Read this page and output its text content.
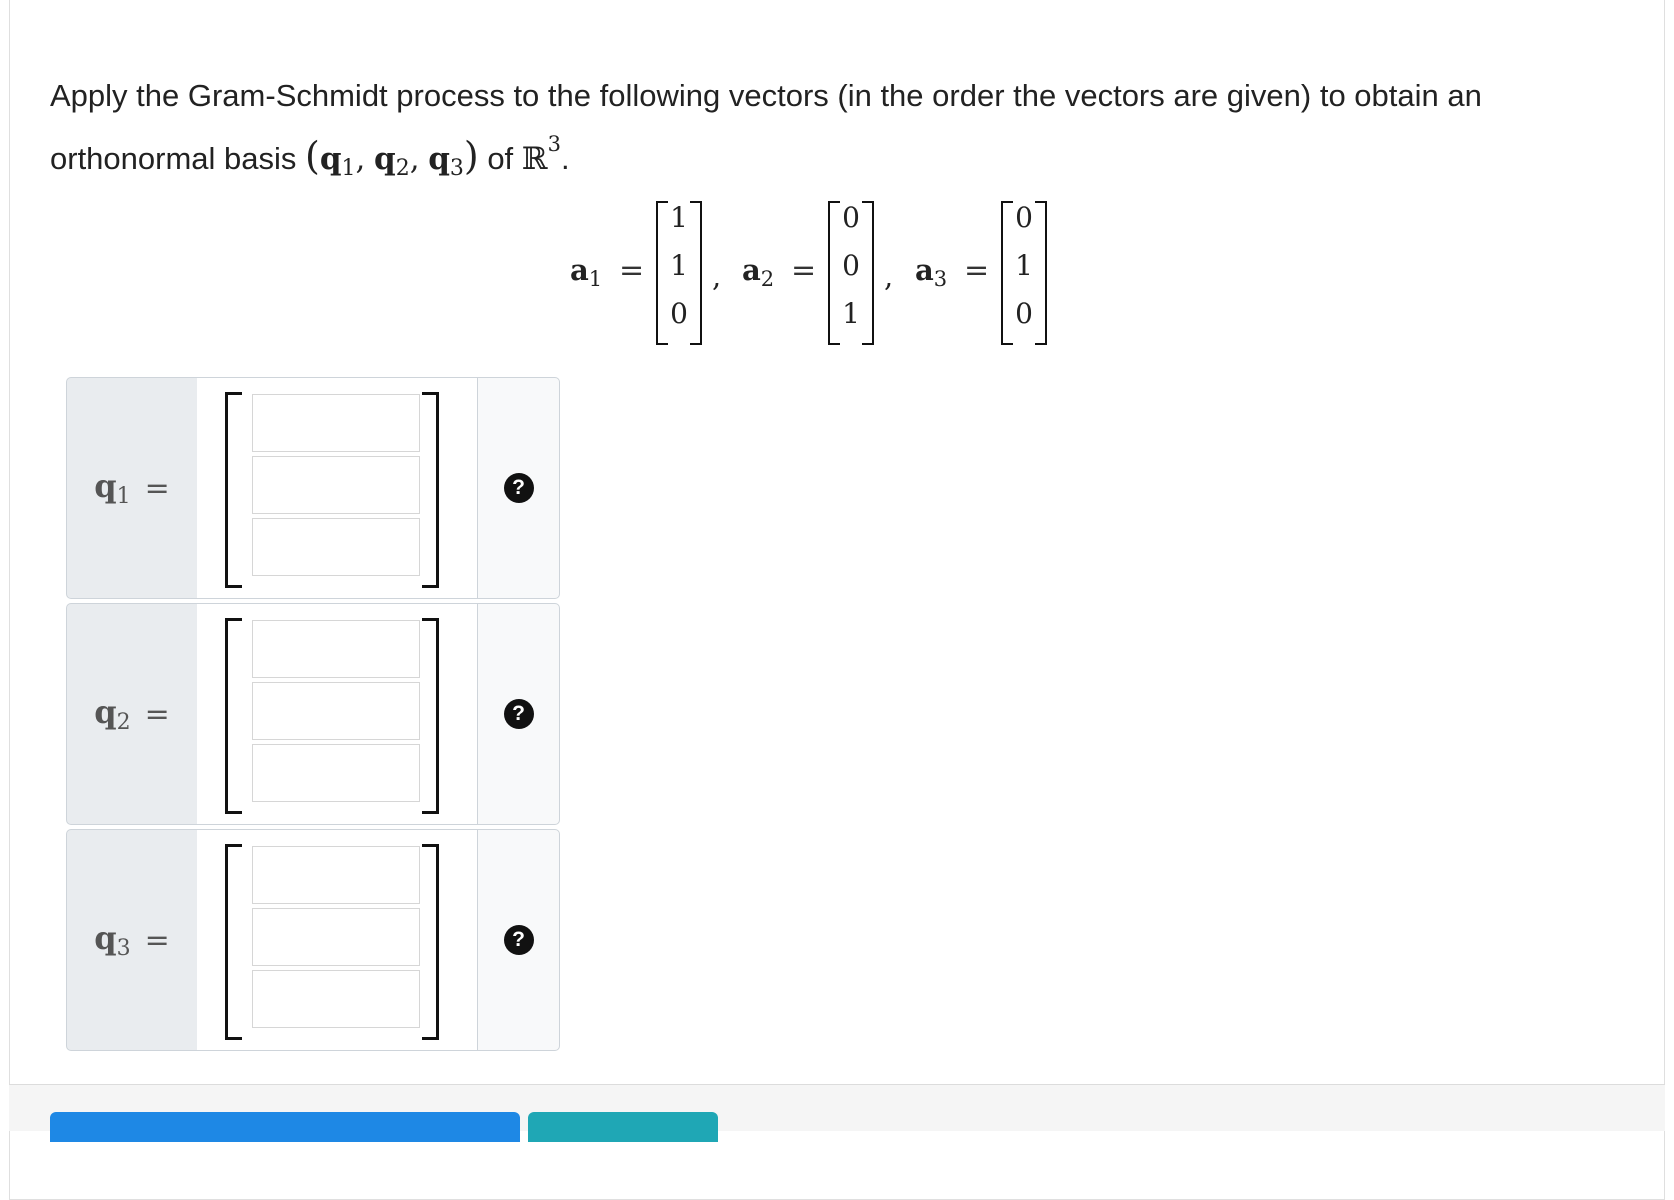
Apply the Gram-Schmidt process to the following vectors (in the order the vectors are given) to obtain an orthonormal basis ($q_1$, $q_2$, $q_3$) of ℝ$^3$.
$a_1$ =
1
1
0
, $a_2$ =
0
0
1
, $a_3$ =
0
1
0
$q_1$ =	?
$q_2$ =	?
$q_3$ =	?
